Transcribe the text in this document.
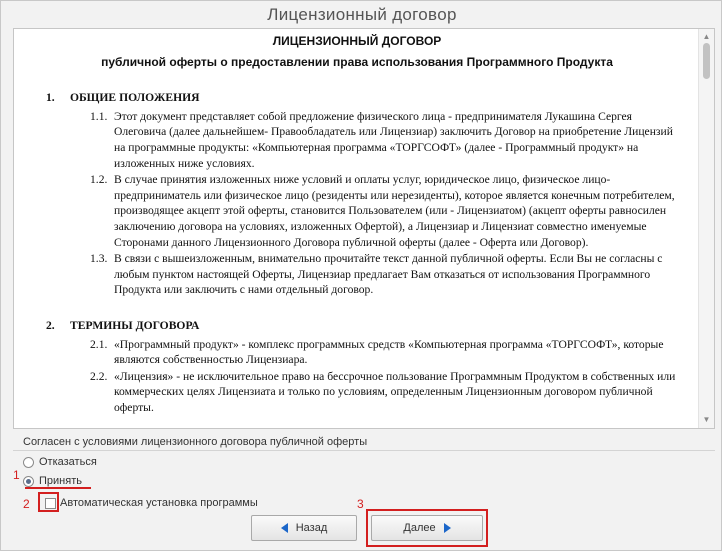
Лицензионный договор
ЛИЦЕНЗИОННЫЙ ДОГОВОР
публичной оферты о предоставлении права использования Программного Продукта
1. ОБЩИЕ ПОЛОЖЕНИЯ
1.1. Этот документ представляет собой предложение физического лица - предпринимателя Лукашина Сергея Олеговича (далее дальнейшем- Правообладатель или Лицензиар) заключить Договор на приобретение Лицензий на программные продукты: «Компьютерная программа «ТОРГСОФТ» (далее - Программный продукт» на изложенных ниже условиях.
1.2. В случае принятия изложенных ниже условий и оплаты услуг, юридическое лицо, физическое лицо-предприниматель или физическое лицо (резиденты или нерезиденты), которое является конечным потребителем, производящее акцепт этой оферты, становится Пользователем (или - Лицензиатом) (акцепт оферты равносилен заключению договора на условиях, изложенных Офертой), а Лицензиар и Лицензиат совместно именуемые Сторонами данного Лицензионного Договора публичной оферты (далее - Оферта или Договор).
1.3. В связи с вышеизложенным, внимательно прочитайте текст данной публичной оферты. Если Вы не согласны с любым пунктом настоящей Оферты, Лицензиар предлагает Вам отказаться от использования Программного Продукта или заключить с нами отдельный договор.
2. ТЕРМИНЫ ДОГОВОРА
2.1. «Программный продукт» - комплекс программных средств «Компьютерная программа «ТОРГСОФТ», которые являются собственностью Лицензиара.
2.2. «Лицензия» - не исключительное право на бессрочное пользование Программным Продуктом в собственных или коммерческих целях Лицензиата и только по условиям, определенным Лицензионным договором публичной оферты.
▲
▼
Согласен с условиями лицензионного договора публичной оферты
Отказаться
Принять
Автоматическая установка программы
Назад	Далее
1
2	3
